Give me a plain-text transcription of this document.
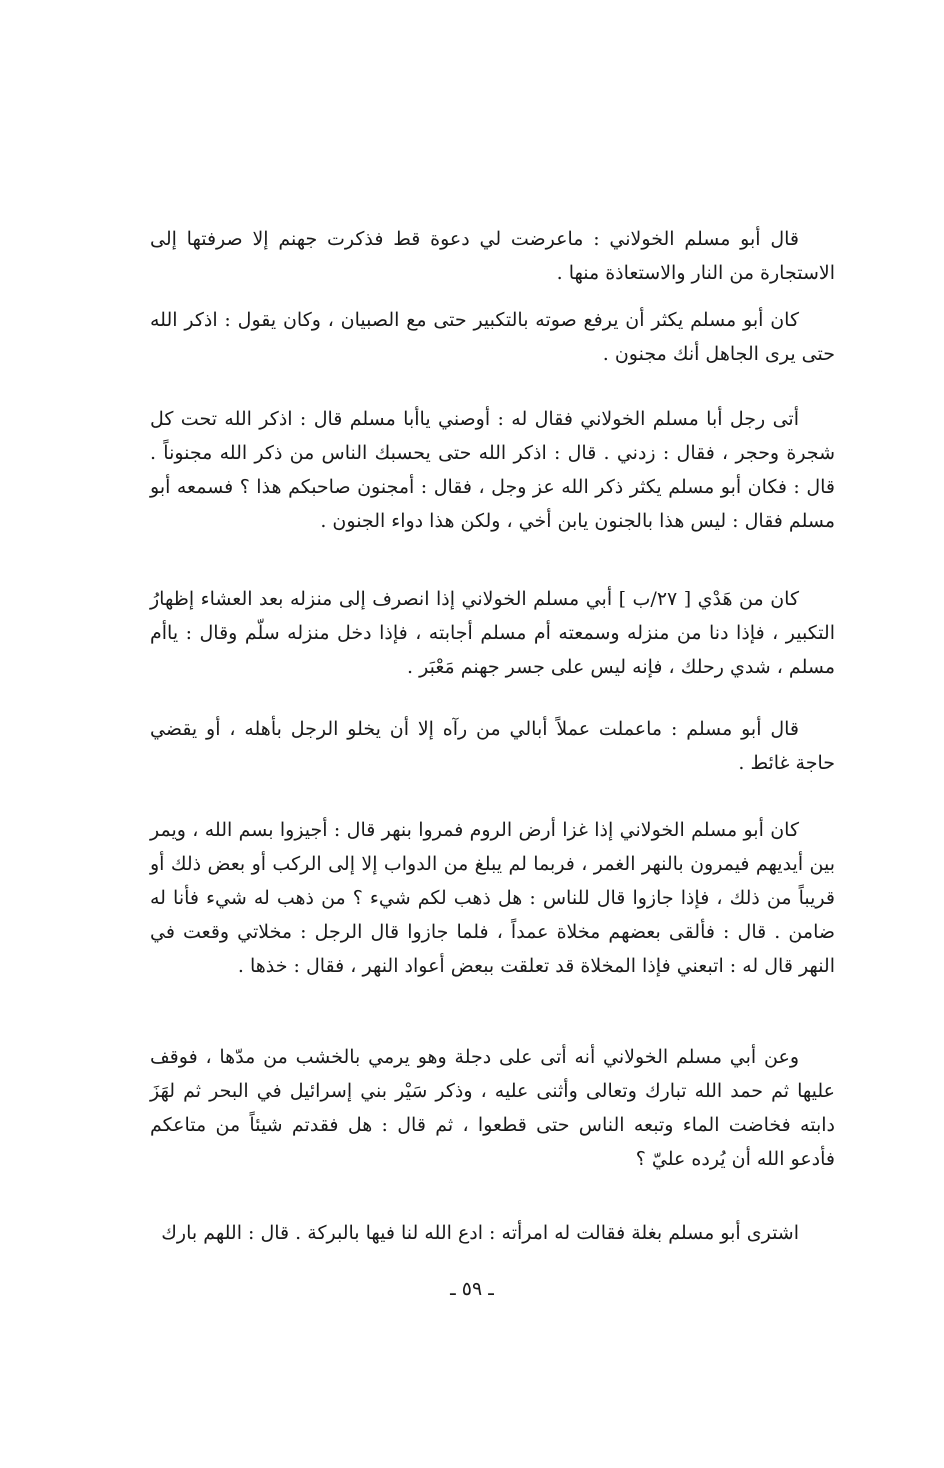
قال أبو مسلم الخولاني : ماعرضت لي دعوة قط فذكرت جهنم إلا صرفتها إلى الاستجارة من النار والاستعاذة منها .

كان أبو مسلم يكثر أن يرفع صوته بالتكبير حتى مع الصبيان ، وكان يقول : اذكر الله حتى يرى الجاهل أنك مجنون .

أتى رجل أبا مسلم الخولاني فقال له : أوصني ياأبا مسلم قال : اذكر الله تحت كل شجرة وحجر ، فقال : زدني . قال : اذكر الله حتى يحسبك الناس من ذكر الله مجنوناً . قال : فكان أبو مسلم يكثر ذكر الله عز وجل ، فقال : أمجنون صاحبكم هذا ؟ فسمعه أبو مسلم فقال : ليس هذا بالجنون يابن أخي ، ولكن هذا دواء الجنون .

كان من هَدْي [ ٢٧/ب ] أبي مسلم الخولاني إذا انصرف إلى منزله بعد العشاء إظهارُ التكبير ، فإذا دنا من منزله وسمعته أم مسلم أجابته ، فإذا دخل منزله سلّم وقال : ياأم مسلم ، شدي رحلك ، فإنه ليس على جسر جهنم مَعْبَر .

قال أبو مسلم : ماعملت عملاً أبالي من رآه إلا أن يخلو الرجل بأهله ، أو يقضي حاجة غائط .

كان أبو مسلم الخولاني إذا غزا أرض الروم فمروا بنهر قال : أجيزوا بسم الله ، ويمر بين أيديهم فيمرون بالنهر الغمر ، فربما لم يبلغ من الدواب إلا إلى الركب أو بعض ذلك أو قريباً من ذلك ، فإذا جازوا قال للناس : هل ذهب لكم شيء ؟ من ذهب له شيء فأنا له ضامن . قال : فألقى بعضهم مخلاة عمداً ، فلما جازوا قال الرجل : مخلاتي وقعت في النهر قال له : اتبعني فإذا المخلاة قد تعلقت ببعض أعواد النهر ، فقال : خذها .

وعن أبي مسلم الخولاني أنه أتى على دجلة وهو يرمي بالخشب من مدّها ، فوقف عليها ثم حمد الله تبارك وتعالى وأثنى عليه ، وذكر سَيْر بني إسرائيل في البحر ثم لهَزَ دابته فخاضت الماء وتبعه الناس حتى قطعوا ، ثم قال : هل فقدتم شيئاً من متاعكم فأدعو الله أن يُرده عليّ ؟

اشترى أبو مسلم بغلة فقالت له امرأته : ادع الله لنا فيها بالبركة . قال : اللهم بارك

ـ ٥٩ ـ
